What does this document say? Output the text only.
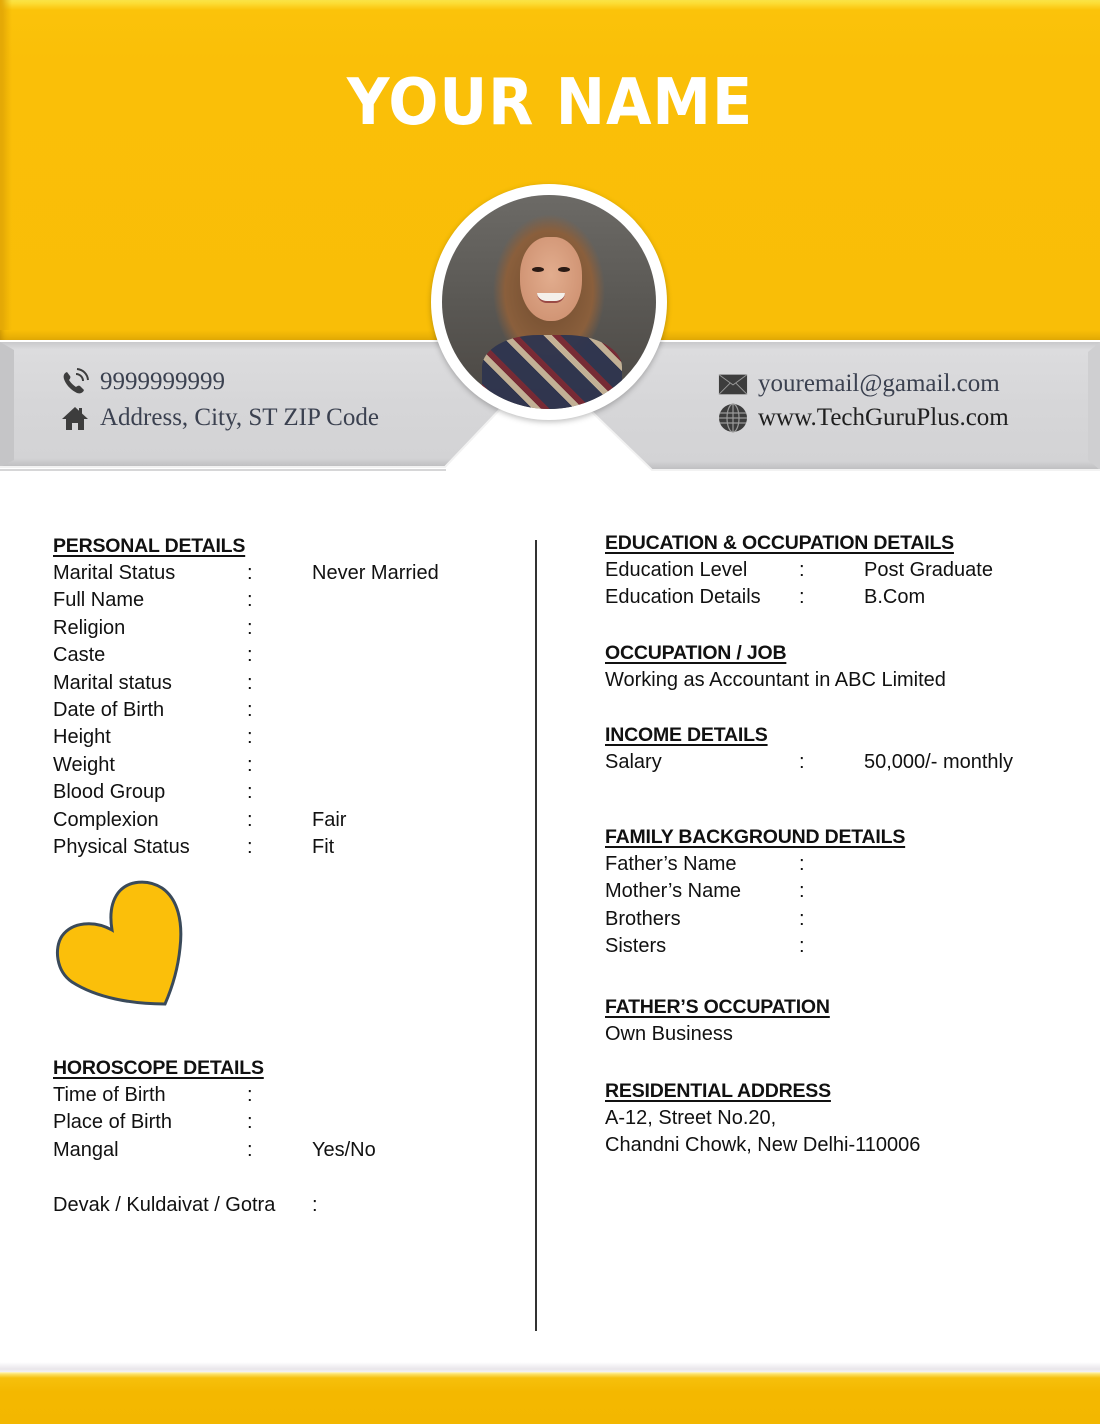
YOUR NAME
9999999999
Address, City, ST ZIP Code
youremail@gamail.com
www.TechGuruPlus.com
PERSONAL DETAILS
Marital Status	:	Never Married
Full Name	:
Religion	:
Caste	:
Marital status	:
Date of Birth	:
Height	:
Weight	:
Blood Group	:
Complexion	:	Fair
Physical Status	:	Fit
HOROSCOPE DETAILS
Time of Birth	:
Place of Birth	:
Mangal	:	Yes/No
Devak / Kuldaivat / Gotra :
EDUCATION & OCCUPATION DETAILS
Education Level	:	Post Graduate
Education Details :	B.Com
OCCUPATION / JOB
Working as Accountant in ABC Limited
INCOME DETAILS
Salary	:	50,000/- monthly
FAMILY BACKGROUND DETAILS
Father’s Name	:
Mother’s Name	:
Brothers	:
Sisters	:
FATHER’S OCCUPATION
Own Business
RESIDENTIAL ADDRESS
A-12, Street No.20,
Chandni Chowk, New Delhi-110006
